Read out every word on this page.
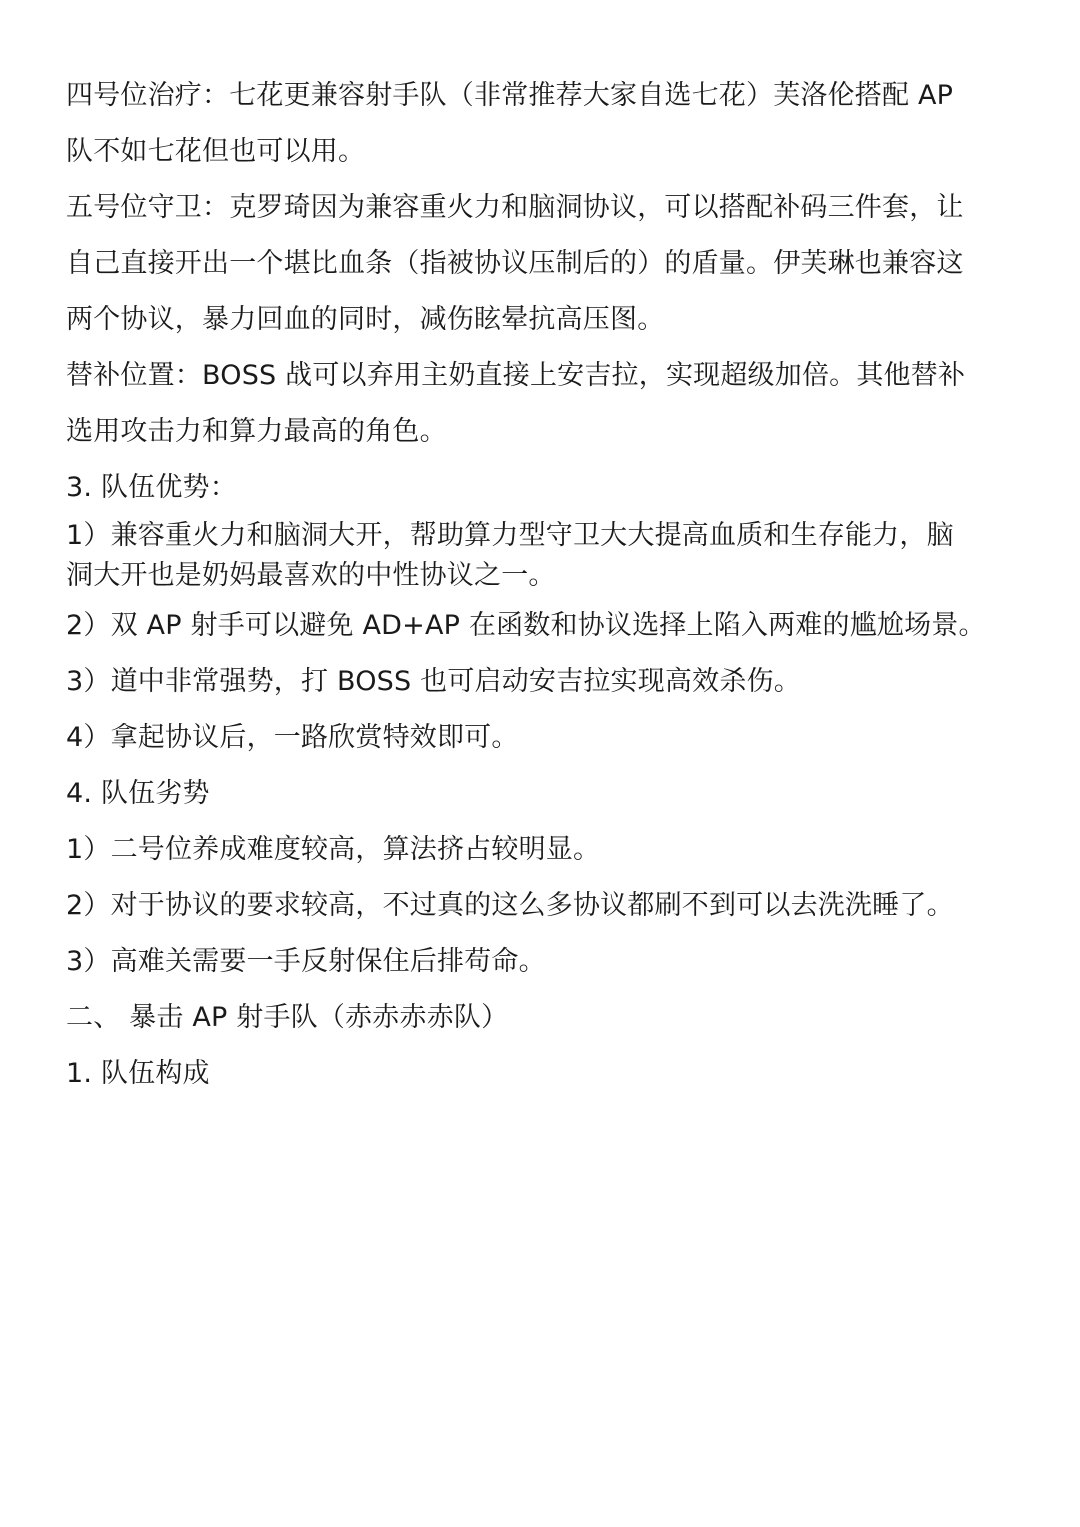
四号位治疗：七花更兼容射手队（非常推荐大家自选七花）芙洛伦搭配 AP
队不如七花但也可以用。
五号位守卫：克罗琦因为兼容重火力和脑洞协议，可以搭配补码三件套，让
自己直接开出一个堪比血条（指被协议压制后的）的盾量。伊芙琳也兼容这
两个协议，暴力回血的同时，减伤眩晕抗高压图。
替补位置：BOSS 战可以弃用主奶直接上安吉拉，实现超级加倍。其他替补
选用攻击力和算力最高的角色。
3. 队伍优势：
1）兼容重火力和脑洞大开，帮助算力型守卫大大提高血质和生存能力，脑
洞大开也是奶妈最喜欢的中性协议之一。
2）双 AP 射手可以避免 AD+AP 在函数和协议选择上陷入两难的尴尬场景。
3）道中非常强势，打 BOSS 也可启动安吉拉实现高效杀伤。
4）拿起协议后，一路欣赏特效即可。
4. 队伍劣势
1）二号位养成难度较高，算法挤占较明显。
2）对于协议的要求较高，不过真的这么多协议都刷不到可以去洗洗睡了。
3）高难关需要一手反射保住后排苟命。
二、 暴击 AP 射手队（赤赤赤赤队）
1. 队伍构成
